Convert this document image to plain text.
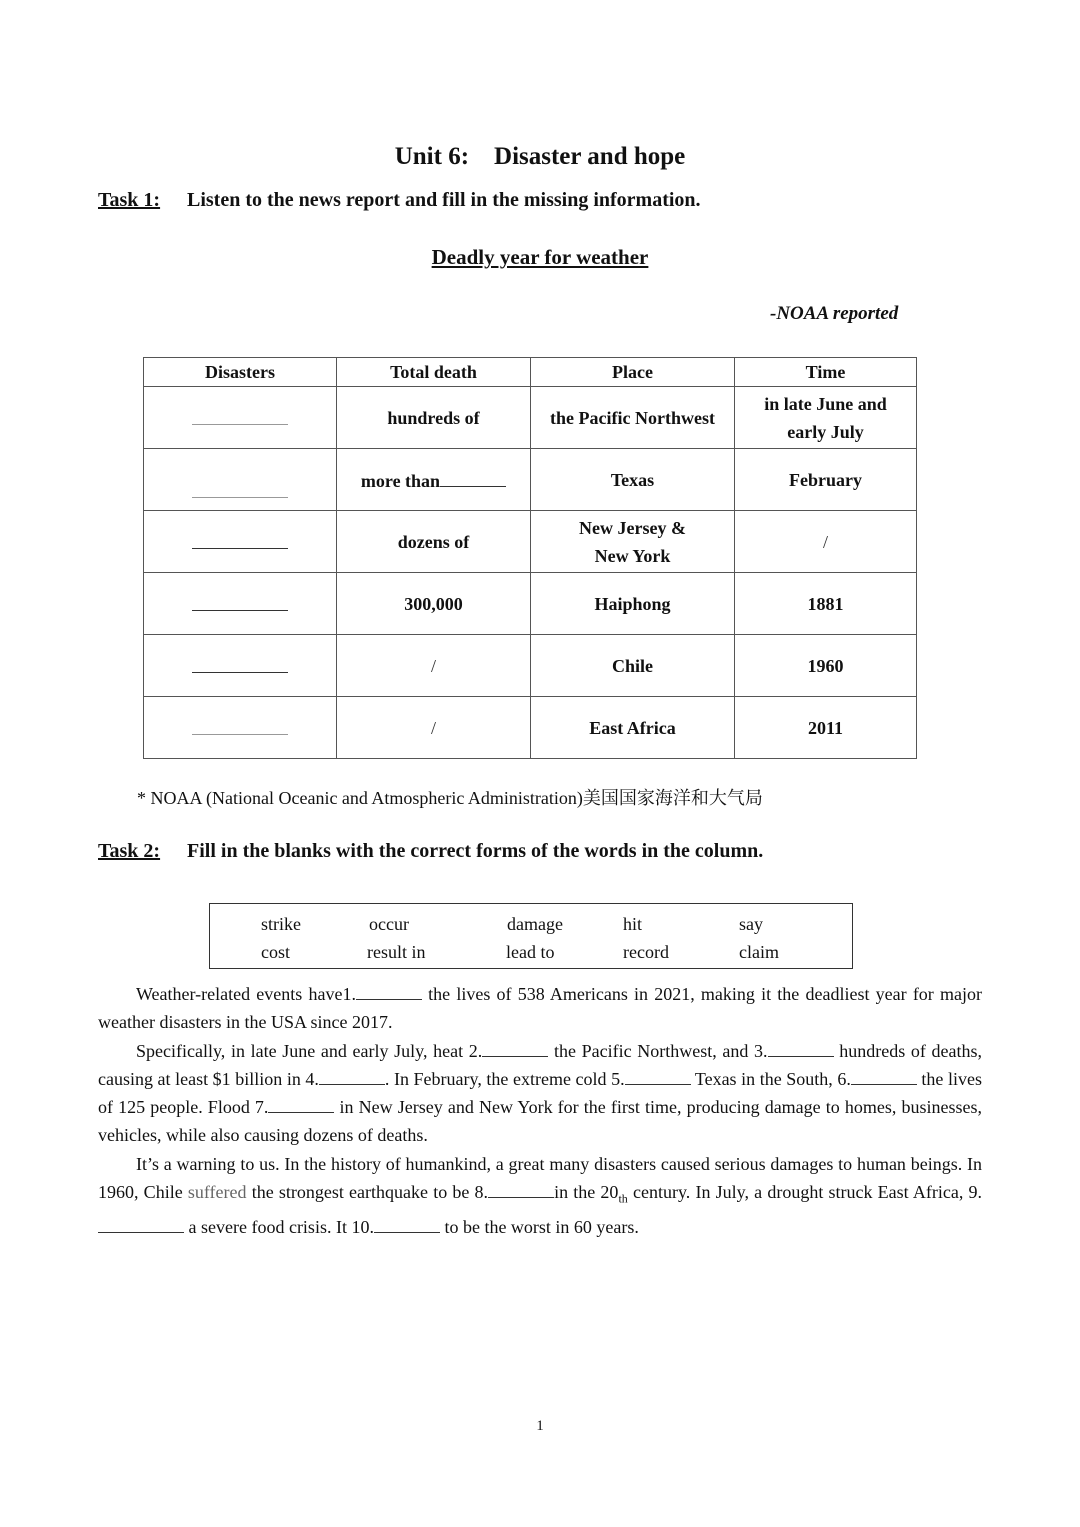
Unit 6:    Disaster and hope
Task 1: Listen to the news report and fill in the missing information.
Deadly year for weather
-NOAA reported
Disasters	Total death	Place	Time
	hundreds of	the Pacific Northwest	in late June and
early July

	more than	Texas	February
	dozens of	New Jersey &
New York	/
	300,000	Haiphong	1881
	/	Chile	1960
	/	East Africa	2011
* NOAA (National Oceanic and Atmospheric Administration)美国国家海洋和大气局
Task 2: Fill in the blanks with the correct forms of the words in the column.
strike	occur	damage	hit	say
cost	result in	lead to	record	claim

Weather-related events have1.	the lives of 538 Americans in 2021, making it the deadliest year for major weather disasters in the USA since 2017.

Specifically, in late June and early July, heat 2.	the Pacific Northwest, and 3.	hundreds of deaths, causing at least $1 billion in 4.	. In February, the extreme cold 5.	Texas in the South, 6.	the lives of 125 people. Flood 7.	in New Jersey and New York for the first time, producing damage to homes, businesses, vehicles, while also causing dozens of deaths.

It’s a warning to us. In the history of humankind, a great many disasters caused serious damages to human beings. In 1960, Chile suffered the strongest earthquake to be 8.	in the $20_{th}$ century. In July, a drought struck East Africa, 9. a severe food crisis. It 10.	to be the worst in 60 years.

1
